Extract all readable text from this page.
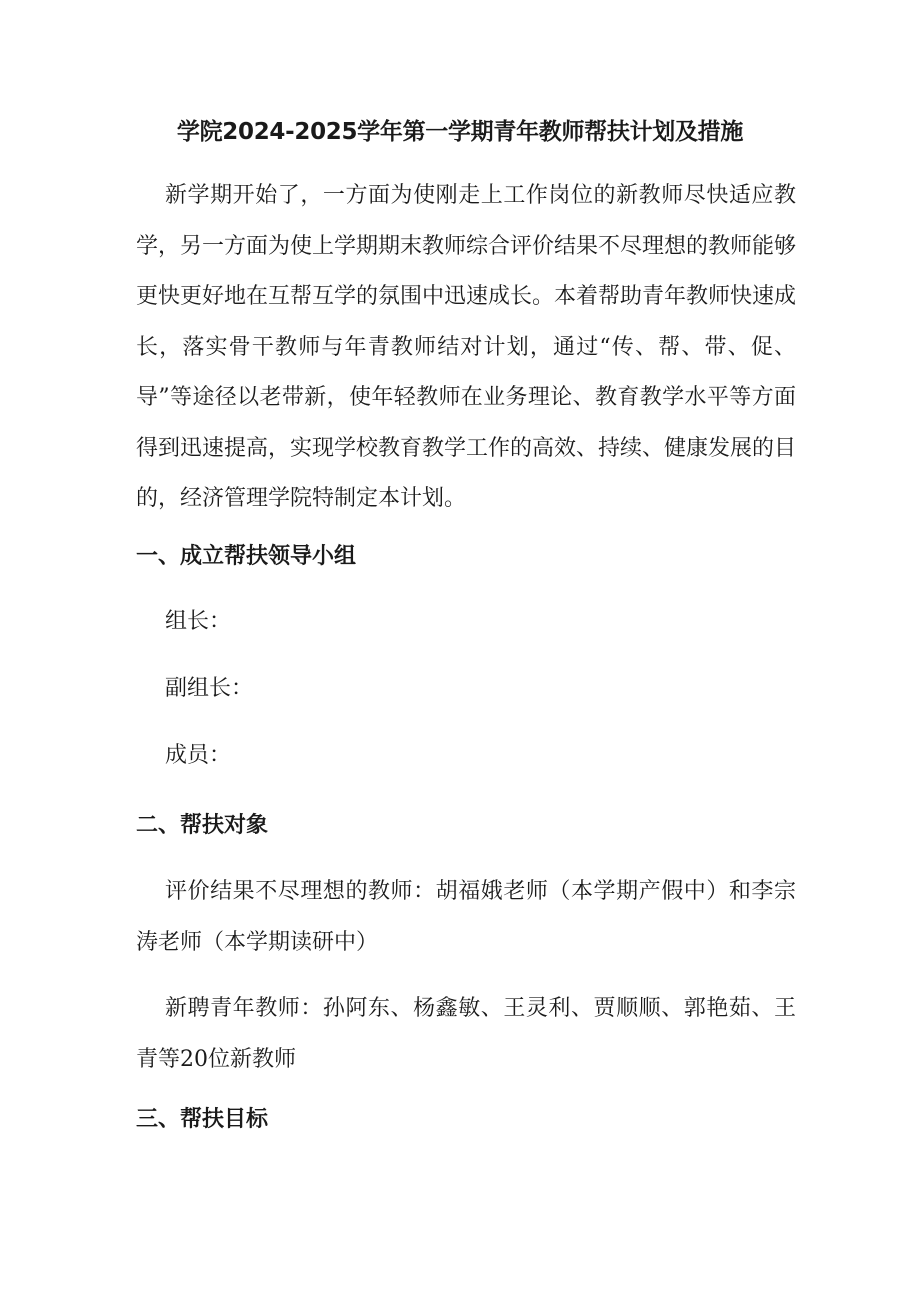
学院2024-2025学年第一学期青年教师帮扶计划及措施

新学期开始了，一方面为使刚走上工作岗位的新教师尽快适应教学，另一方面为使上学期期末教师综合评价结果不尽理想的教师能够更快更好地在互帮互学的氛围中迅速成长。本着帮助青年教师快速成长，落实骨干教师与年青教师结对计划，通过“传、帮、带、促、导”等途径以老带新，使年轻教师在业务理论、教育教学水平等方面得到迅速提高，实现学校教育教学工作的高效、持续、健康发展的目的，经济管理学院特制定本计划。

一、成立帮扶领导小组
组长：
副组长：
成员：
二、帮扶对象

评价结果不尽理想的教师：胡福娥老师（本学期产假中）和李宗涛老师（本学期读研中）

新聘青年教师：孙阿东、杨鑫敏、王灵利、贾顺顺、郭艳茹、王青等20位新教师

三、帮扶目标
